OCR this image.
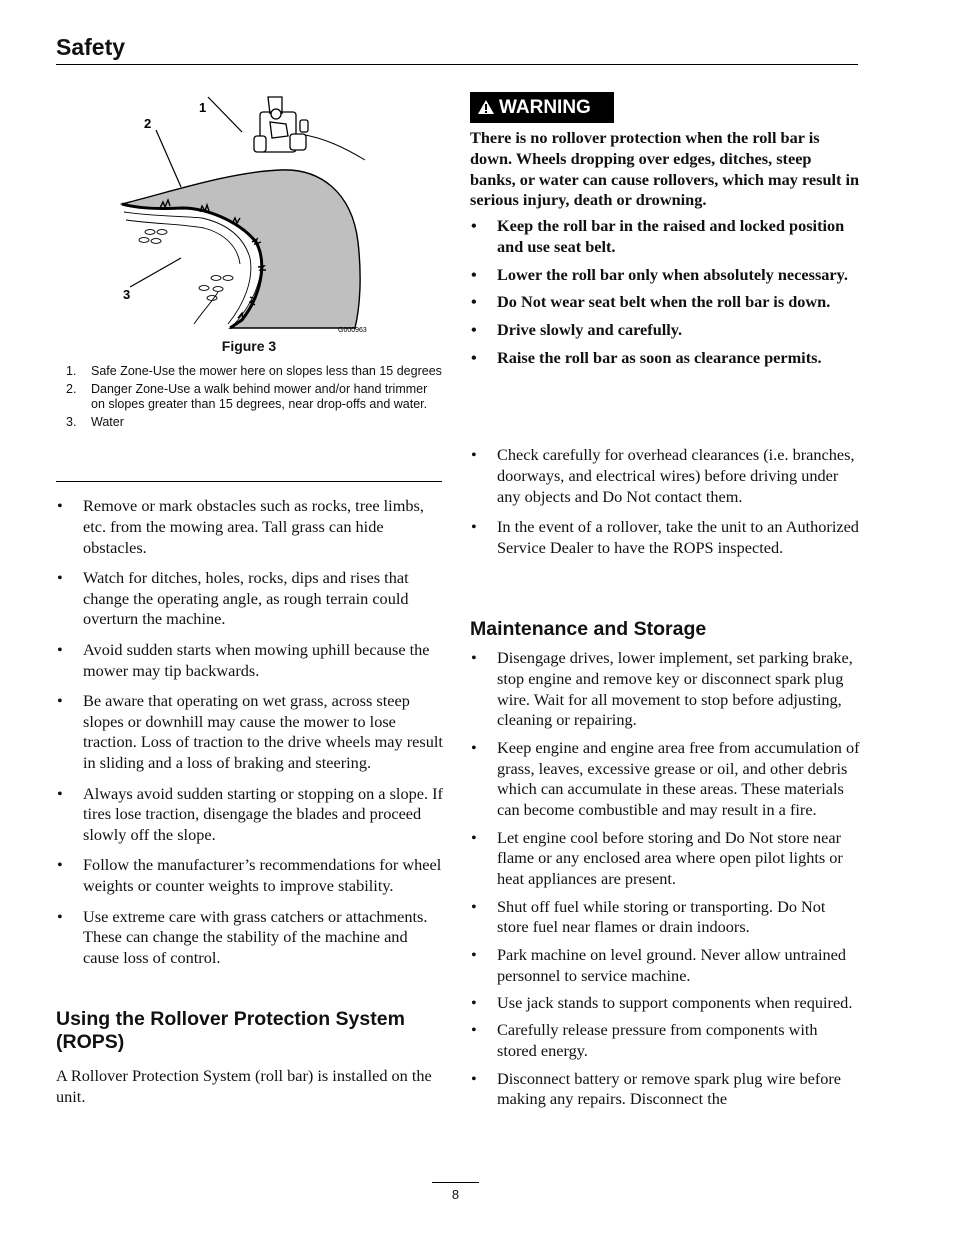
Safety
1
2
3
G000963
Figure 3
1. Safe Zone-Use the mower here on slopes less than 15 degrees
2. Danger Zone-Use a walk behind mower and/or hand trimmer on slopes greater than 15 degrees, near drop-offs and water.
3. Water
• Remove or mark obstacles such as rocks, tree limbs, etc. from the mowing area. Tall grass can hide obstacles.
• Watch for ditches, holes, rocks, dips and rises that change the operating angle, as rough terrain could overturn the machine.
• Avoid sudden starts when mowing uphill because the mower may tip backwards.
• Be aware that operating on wet grass, across steep slopes or downhill may cause the mower to lose traction. Loss of traction to the drive wheels may result in sliding and a loss of braking and steering.
• Always avoid sudden starting or stopping on a slope. If tires lose traction, disengage the blades and proceed slowly off the slope.
• Follow the manufacturer’s recommendations for wheel weights or counter weights to improve stability.
• Use extreme care with grass catchers or attachments. These can change the stability of the machine and cause loss of control.
Using the Rollover Protection System (ROPS)

A Rollover Protection System (roll bar) is installed on the unit.

WARNING

There is no rollover protection when the roll bar is down. Wheels dropping over edges, ditches, steep banks, or water can cause rollovers, which may result in serious injury, death or drowning.

• Keep the roll bar in the raised and locked position and use seat belt.
• Lower the roll bar only when absolutely necessary.
• Do Not wear seat belt when the roll bar is down.
• Drive slowly and carefully.
• Raise the roll bar as soon as clearance permits.
• Check carefully for overhead clearances (i.e. branches, doorways, and electrical wires) before driving under any objects and Do Not contact them.
• In the event of a rollover, take the unit to an Authorized Service Dealer to have the ROPS inspected.
Maintenance and Storage
• Disengage drives, lower implement, set parking brake, stop engine and remove key or disconnect spark plug wire. Wait for all movement to stop before adjusting, cleaning or repairing.
• Keep engine and engine area free from accumulation of grass, leaves, excessive grease or oil, and other debris which can accumulate in these areas. These materials can become combustible and may result in a fire.
• Let engine cool before storing and Do Not store near flame or any enclosed area where open pilot lights or heat appliances are present.
• Shut off fuel while storing or transporting. Do Not store fuel near flames or drain indoors.
• Park machine on level ground. Never allow untrained personnel to service machine.
• Use jack stands to support components when required.
• Carefully release pressure from components with stored energy.
• Disconnect battery or remove spark plug wire before making any repairs. Disconnect the
8
